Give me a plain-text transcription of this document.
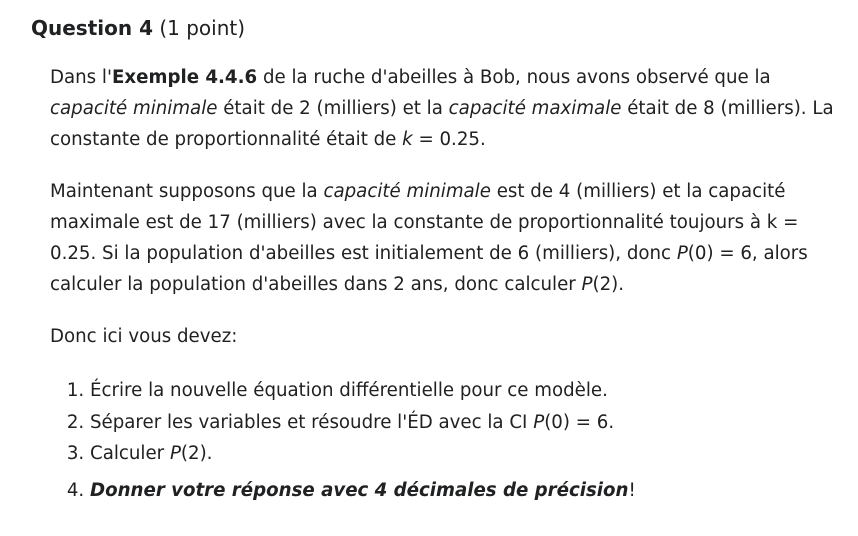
Question 4 (1 point)

Dans l'Exemple 4.4.6 de la ruche d'abeilles à Bob, nous avons observé que la capacité minimale était de 2 (milliers) et la capacité maximale était de 8 (milliers). La constante de proportionnalité était de k = 0.25.

Maintenant supposons que la capacité minimale est de 4 (milliers) et la capacité maximale est de 17 (milliers) avec la constante de proportionnalité toujours à k = 0.25. Si la population d'abeilles est initialement de 6 (milliers), donc P(0) = 6, alors calculer la population d'abeilles dans 2 ans, donc calculer P(2).

Donc ici vous devez:

1. Écrire la nouvelle équation différentielle pour ce modèle.
2. Séparer les variables et résoudre l'ÉD avec la CI P(0) = 6.
3. Calculer P(2).
4. Donner votre réponse avec 4 décimales de précision!
